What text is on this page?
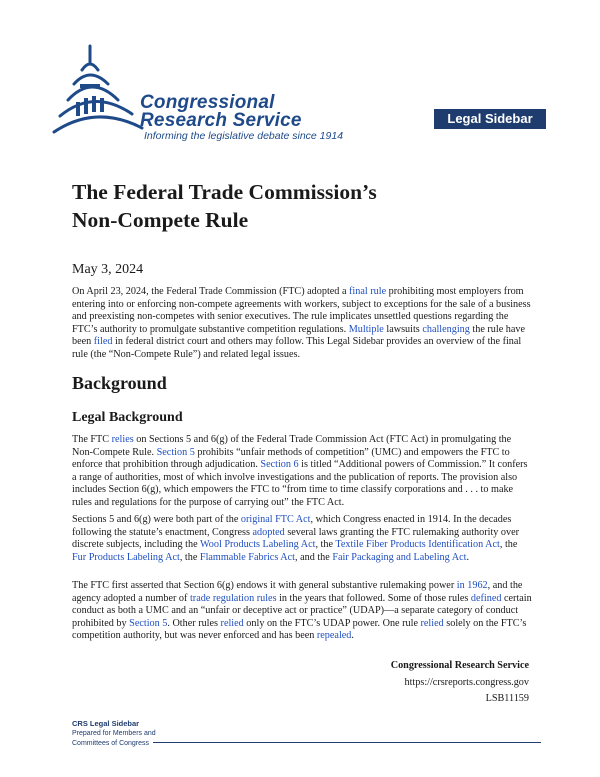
Congressional
Research Service
Informing the legislative debate since 1914
Legal Sidebar
The Federal Trade Commission’s
Non-Compete Rule
May 3, 2024
On April 23, 2024, the Federal Trade Commission (FTC) adopted a final rule prohibiting most employers from entering into or enforcing non-compete agreements with workers, subject to exceptions for the sale of a business and preexisting non-competes with senior executives. The rule implicates unsettled questions regarding the FTC’s authority to promulgate substantive competition regulations. Multiple lawsuits challenging the rule have been filed in federal district court and others may follow. This Legal Sidebar provides an overview of the final rule (the “Non-Compete Rule”) and related legal issues.
Background
Legal Background
The FTC relies on Sections 5 and 6(g) of the Federal Trade Commission Act (FTC Act) in promulgating the Non-Compete Rule. Section 5 prohibits “unfair methods of competition” (UMC) and empowers the FTC to enforce that prohibition through adjudication. Section 6 is titled “Additional powers of Commission.” It confers a range of authorities, most of which involve investigations and the publication of reports. The provision also includes Section 6(g), which empowers the FTC to “from time to time classify corporations and . . . to make rules and regulations for the purpose of carrying out” the FTC Act.
Sections 5 and 6(g) were both part of the original FTC Act, which Congress enacted in 1914. In the decades following the statute’s enactment, Congress adopted several laws granting the FTC rulemaking authority over discrete subjects, including the Wool Products Labeling Act, the Textile Fiber Products Identification Act, the Fur Products Labeling Act, the Flammable Fabrics Act, and the Fair Packaging and Labeling Act.
The FTC first asserted that Section 6(g) endows it with general substantive rulemaking power in 1962, and the agency adopted a number of trade regulation rules in the years that followed. Some of those rules defined certain conduct as both a UMC and an “unfair or deceptive act or practice” (UDAP)—a separate category of conduct prohibited by Section 5. Other rules relied only on the FTC’s UDAP power. One rule relied solely on the FTC’s competition authority, but was never enforced and has been repealed.
Congressional Research Service
https://crsreports.congress.gov
LSB11159
CRS Legal Sidebar
Prepared for Members and
Committees of Congress
